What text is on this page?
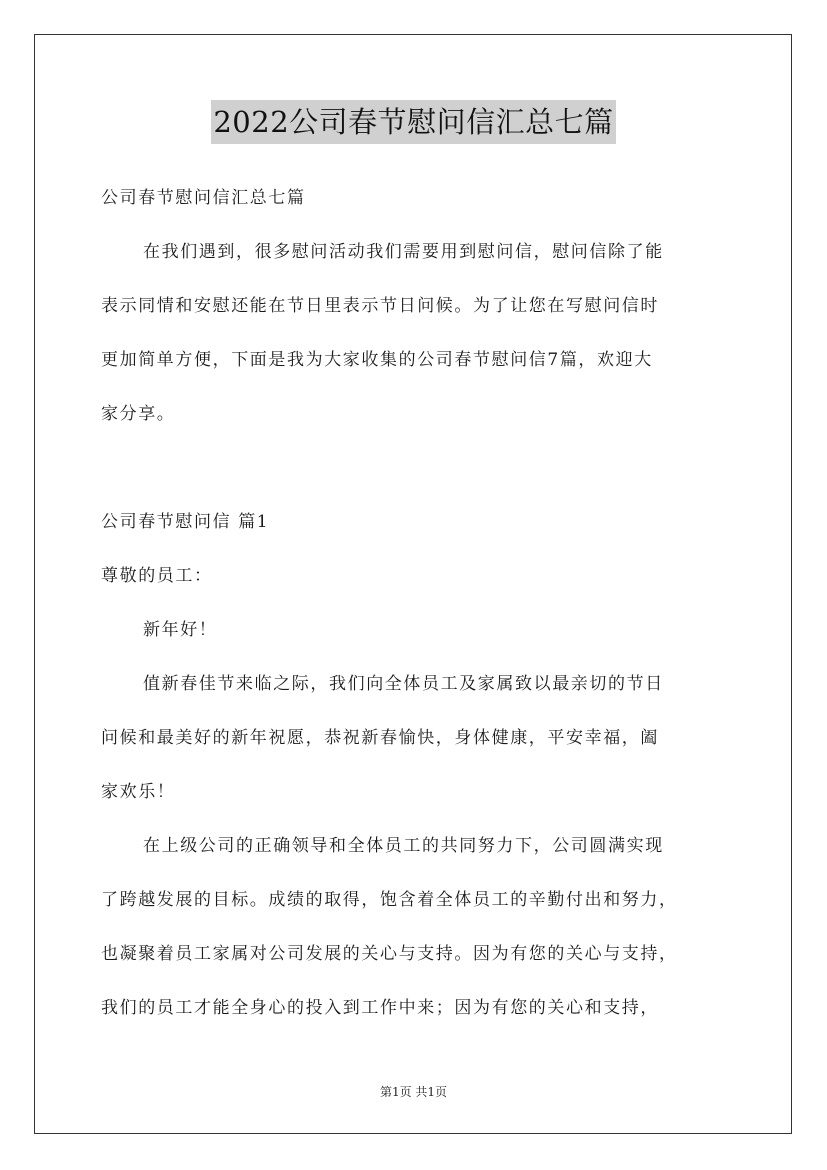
2022公司春节慰问信汇总七篇

公司春节慰问信汇总七篇

在我们遇到，很多慰问活动我们需要用到慰问信，慰问信除了能

表示同情和安慰还能在节日里表示节日问候。为了让您在写慰问信时

更加简单方便，下面是我为大家收集的公司春节慰问信7篇，欢迎大

家分享。

公司春节慰问信 篇1

尊敬的员工：

新年好！

值新春佳节来临之际，我们向全体员工及家属致以最亲切的节日

问候和最美好的新年祝愿，恭祝新春愉快，身体健康，平安幸福，阖

家欢乐！

在上级公司的正确领导和全体员工的共同努力下，公司圆满实现

了跨越发展的目标。成绩的取得，饱含着全体员工的辛勤付出和努力，

也凝聚着员工家属对公司发展的关心与支持。因为有您的关心与支持，

我们的员工才能全身心的投入到工作中来；因为有您的关心和支持，

第1页 共1页
